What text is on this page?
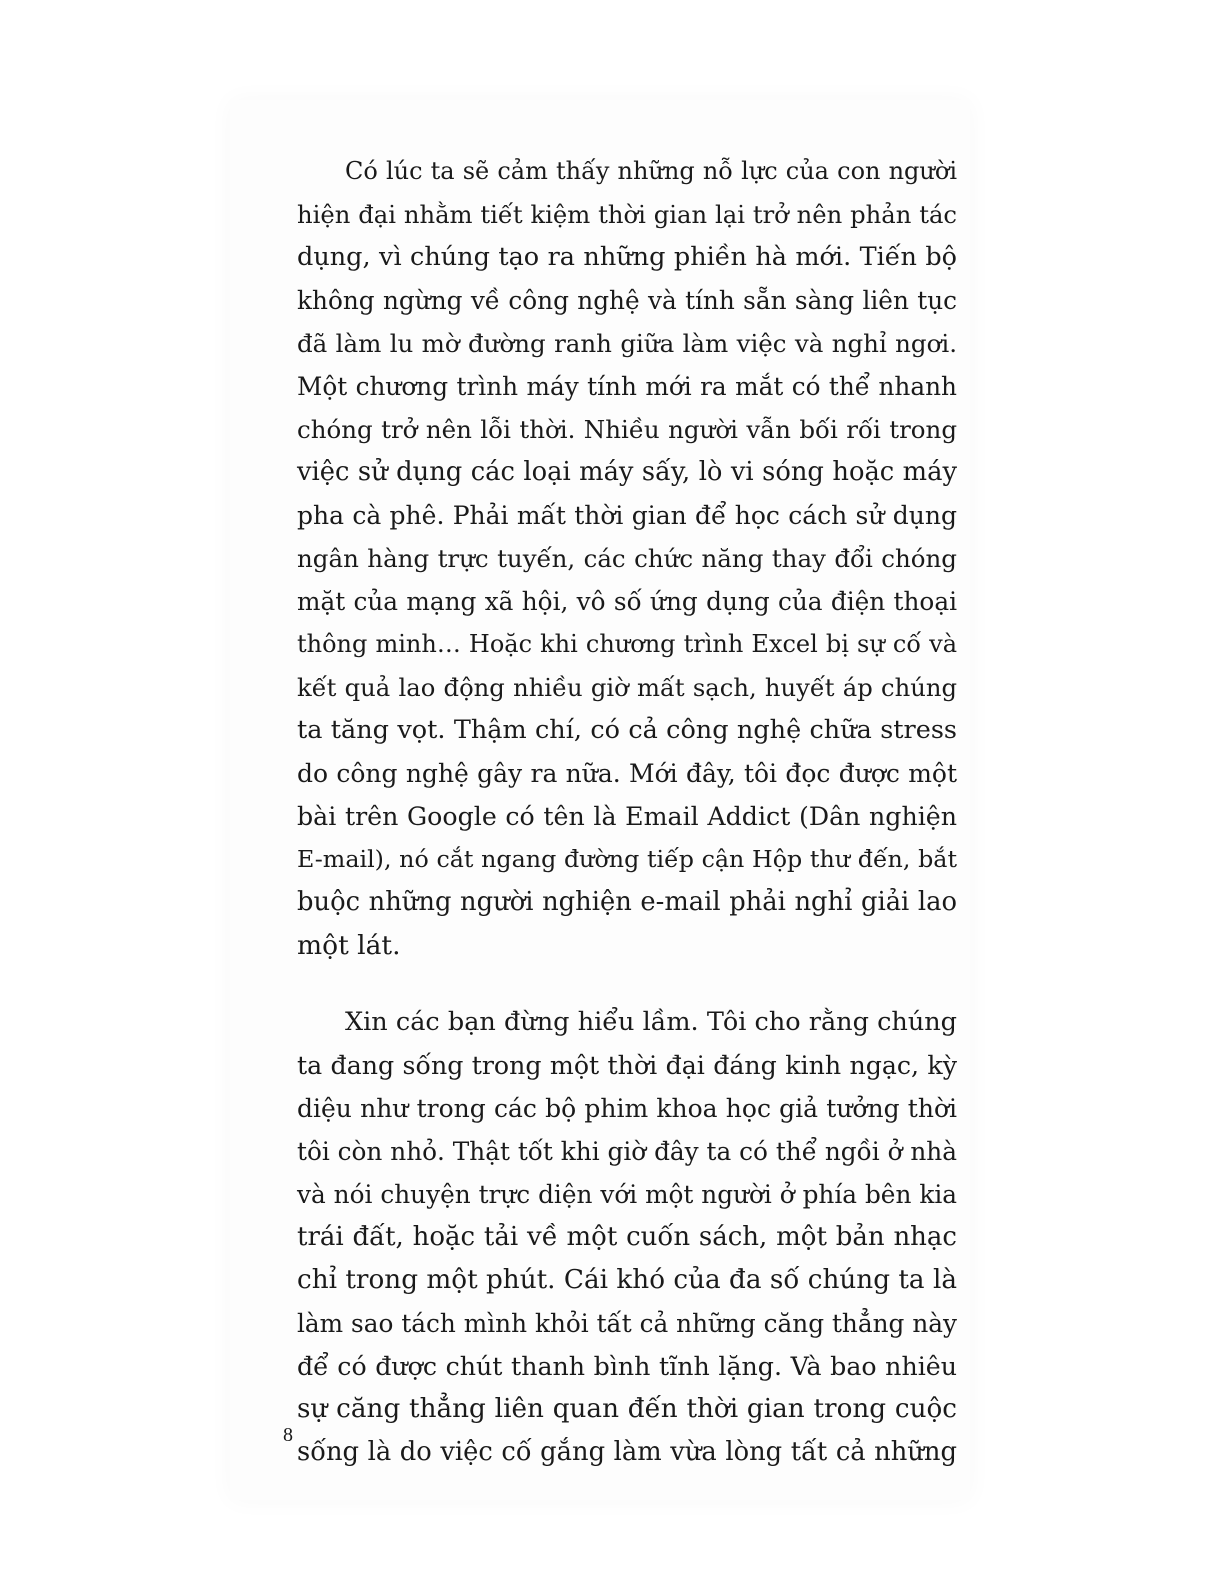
Có lúc ta sẽ cảm thấy những nỗ lực của con người
hiện đại nhằm tiết kiệm thời gian lại trở nên phản tác
dụng, vì chúng tạo ra những phiền hà mới. Tiến bộ
không ngừng về công nghệ và tính sẵn sàng liên tục
đã làm lu mờ đường ranh giữa làm việc và nghỉ ngơi.
Một chương trình máy tính mới ra mắt có thể nhanh
chóng trở nên lỗi thời. Nhiều người vẫn bối rối trong
việc sử dụng các loại máy sấy, lò vi sóng hoặc máy
pha cà phê. Phải mất thời gian để học cách sử dụng
ngân hàng trực tuyến, các chức năng thay đổi chóng
mặt của mạng xã hội, vô số ứng dụng của điện thoại
thông minh… Hoặc khi chương trình Excel bị sự cố và
kết quả lao động nhiều giờ mất sạch, huyết áp chúng
ta tăng vọt. Thậm chí, có cả công nghệ chữa stress
do công nghệ gây ra nữa. Mới đây, tôi đọc được một
bài trên Google có tên là Email Addict (Dân nghiện
E-mail), nó cắt ngang đường tiếp cận Hộp thư đến, bắt
buộc những người nghiện e-mail phải nghỉ giải lao
một lát.
Xin các bạn đừng hiểu lầm. Tôi cho rằng chúng
ta đang sống trong một thời đại đáng kinh ngạc, kỳ
diệu như trong các bộ phim khoa học giả tưởng thời
tôi còn nhỏ. Thật tốt khi giờ đây ta có thể ngồi ở nhà
và nói chuyện trực diện với một người ở phía bên kia
trái đất, hoặc tải về một cuốn sách, một bản nhạc
chỉ trong một phút. Cái khó của đa số chúng ta là
làm sao tách mình khỏi tất cả những căng thẳng này
để có được chút thanh bình tĩnh lặng. Và bao nhiêu
sự căng thẳng liên quan đến thời gian trong cuộc
sống là do việc cố gắng làm vừa lòng tất cả những
8
